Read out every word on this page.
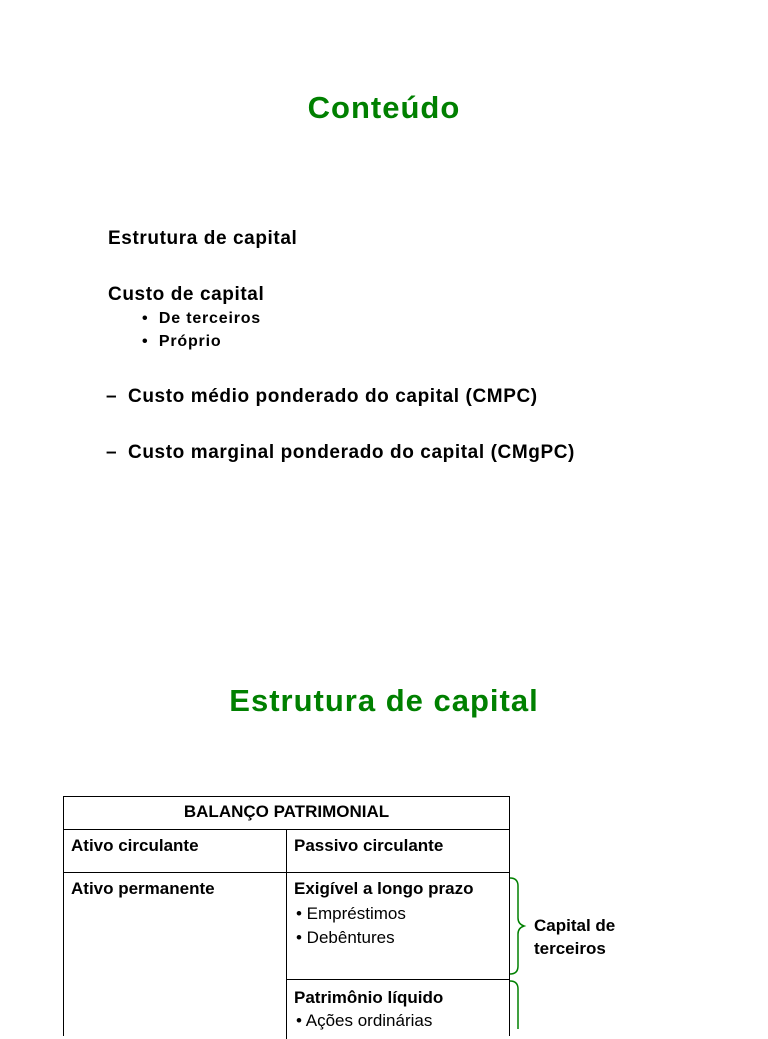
Conteúdo
Estrutura de capital
Custo de capital
•  De terceiros
•  Próprio
– Custo médio ponderado do capital (CMPC)
– Custo marginal ponderado do capital (CMgPC)
Estrutura de capital
BALANÇO PATRIMONIAL
Ativo circulante	Passivo circulante
Ativo permanente	Exigível a longo prazo
• Empréstimos
• Debêntures
Patrimônio líquido
• Ações ordinárias
Capital de
terceiros
